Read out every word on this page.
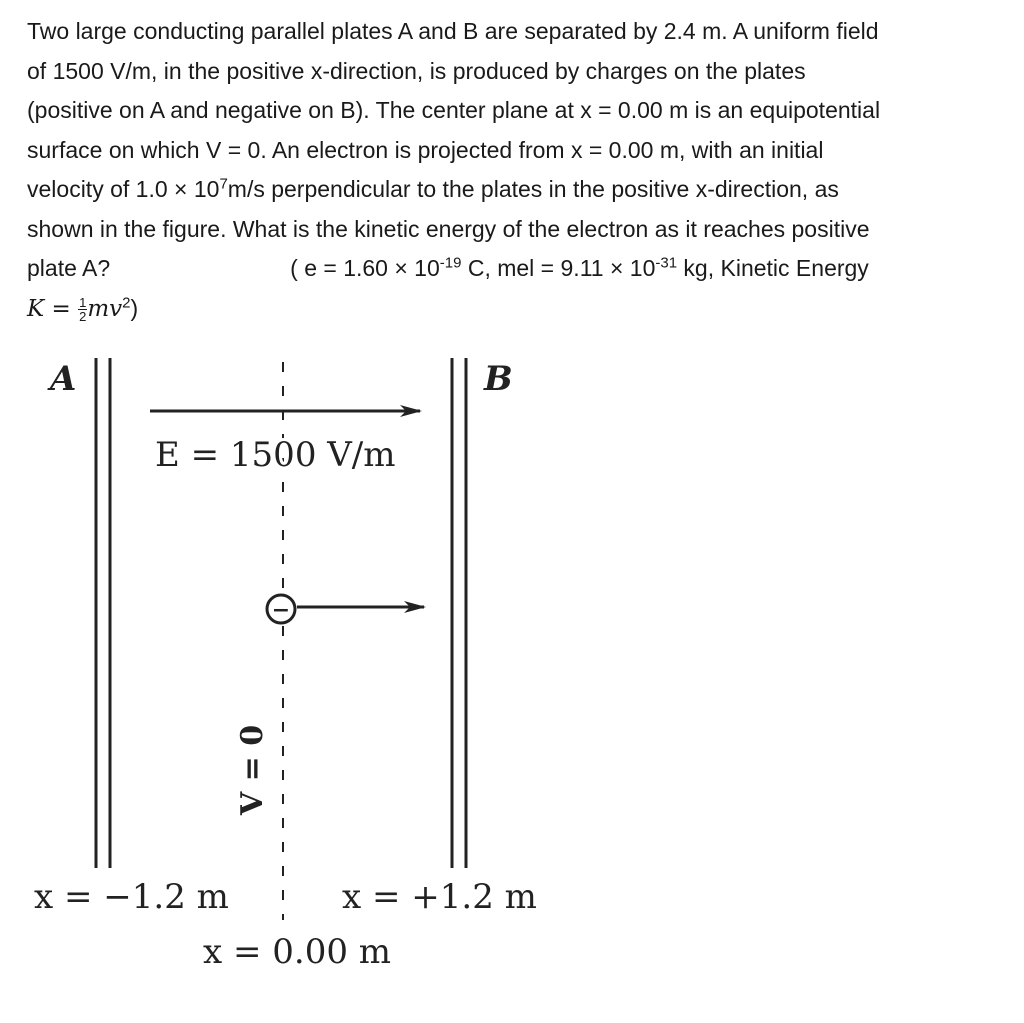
Two large conducting parallel plates A and B are separated by 2.4 m. A uniform field
of 1500 V/m, in the positive x-direction, is produced by charges on the plates
(positive on A and negative on B). The center plane at x = 0.00 m is an equipotential
surface on which V = 0. An electron is projected from x = 0.00 m, with an initial
velocity of $1.0 \times 10^7m/s$ perpendicular to the plates in the positive x-direction, as
shown in the figure. What is the kinetic energy of the electron as it reaches positive
plate A?	( $e = 1.60 \times 10^{-19}$ C, mel = $9.11 \times 10^{-31}$ kg, Kinetic Energy
$K = \frac{1}{2} mv^2$)
−
A	B
E = 1500 V/m
V = 0
x = −1.2 m	x = +1.2 m
x = 0.00 m
